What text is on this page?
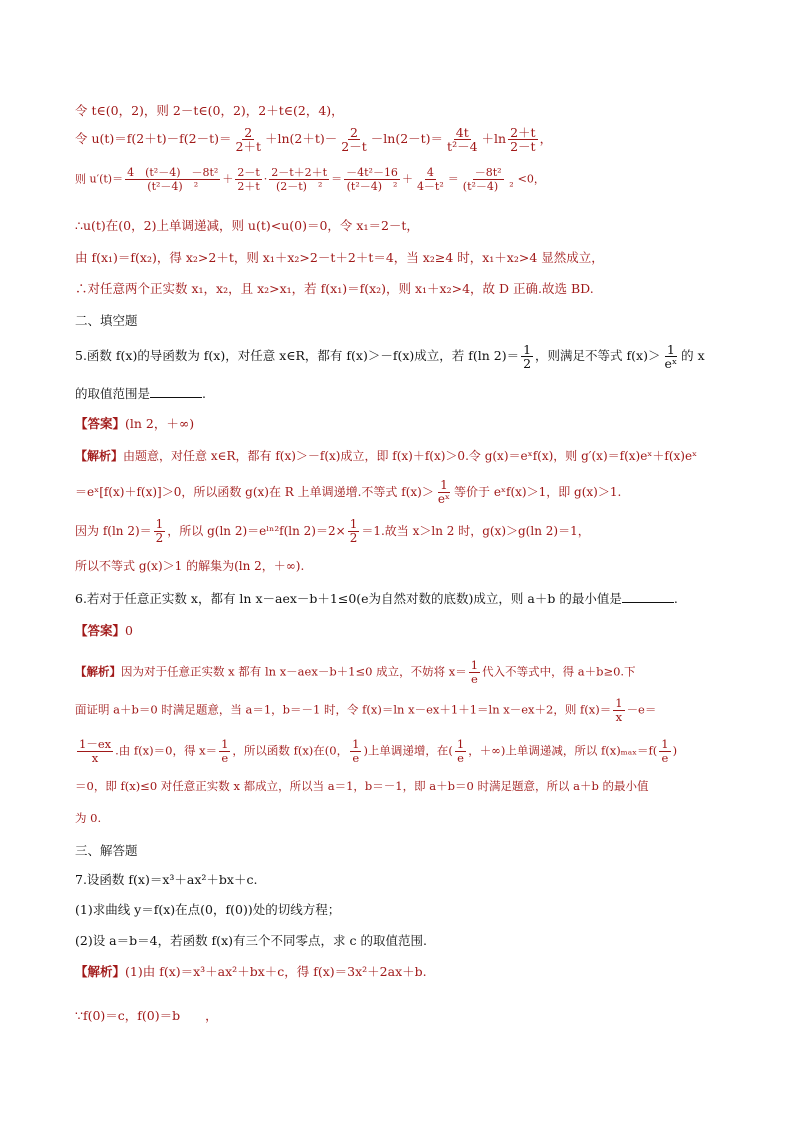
令 t∈(0，2)，则 2－t∈(0，2)，2＋t∈(2，4)，
令 $u(t)=f(2+t)-f(2-t)= \frac{2}{2+t} +\ln(2+t)- \frac{2}{2-t} -\ln(2-t)= \frac{4t}{\text{t²－4}} +\ln \frac{2+t}{2-t}$ ，
则 $u'(t)= \frac{\text{4　(t²－4)　－8t²}}{\text{(t²－4)　²}} + \frac{2-t}{2+t} \cdot \frac{2-t+2+t}{\text{(2－t)　²}} = \frac{\text{－4t²－16}}{\text{(t²－4)　²}} + \frac{4}{\text{4－t²}} = \frac{\text{－8t²}}{\text{(t²－4)　²}} <0$，
∴u(t)在(0，2)上单调递减，则 u(t)<u(0)＝0，令 x₁＝2－t，
由 f(x₁)＝f(x₂)，得 x₂>2＋t，则 x₁＋x₂>2－t＋2＋t＝4，当 x₂≥4 时，x₁＋x₂>4 显然成立，
∴对任意两个正实数 x₁，x₂，且 x₂>x₁，若 f(x₁)＝f(x₂)，则 x₁＋x₂>4，故 D 正确.故选 BD.
二、填空题
5.函数 f(x)的导函数为 f(x)，对任意 x∈R，都有 f(x)＞－f(x)成立，若 f(ln $2)= \frac{1}{2}$ ，则满足不等式 $f(x)> \frac{1}{\text{eˣ}}$ 的 x
的取值范围是	.
【答案】(ln 2，＋∞)
【解析】由题意，对任意 x∈R，都有 f(x)＞－f(x)成立，即 f(x)＋f(x)＞0.令 g(x)＝eˣf(x)，则 g′(x)＝f(x)eˣ＋f(x)eˣ
＝eˣ[f(x)＋f(x)]＞0，所以函数 g(x)在 R 上单调递增.不等式 $f(x)> \frac{1}{\text{eˣ}}$ 等价于 eˣf(x)＞1，即 g(x)＞1.
因为 f(ln $2)= \frac{1}{2}$ ，所以 g(ln 2)＝eˡⁿ²f(ln $2)=2\times \frac{1}{2} =1$.故当 x＞ln 2 时，g(x)＞g(ln 2)＝1，
所以不等式 g(x)＞1 的解集为(ln 2，＋∞).
6.若对于任意正实数 x，都有 ln x－aex－b＋1≤0(e为自然对数的底数)成立，则 a＋b 的最小值是	.
【答案】0
【解析】因为对于任意正实数 x 都有 ln x－aex－b＋1≤0 成立，不妨将 $x= \frac{1}{e}$ 代入不等式中，得 a＋b≥0.下
面证明 a＋b＝0 时满足题意，当 a＝1，b＝－1 时，令 f(x)＝ln x－ex＋1＋1＝ln x－ex＋2，则 $f(x)= \frac{1}{x} -e=$
$\frac{1-ex}{x}$ .由 f(x)＝0，得 $x= \frac{1}{e}$ ，所以函数 f(x)在(0， $\frac{1}{e}$ )上单调递增，在( $\frac{1}{e}$ ，＋∞)上单调递减，所以 $f(x)_{max}=f( \frac{1}{e}$ )
＝0，即 f(x)≤0 对任意正实数 x 都成立，所以当 a＝1，b＝－1，即 a＋b＝0 时满足题意，所以 a＋b 的最小值
为 0.
三、解答题
7.设函数 f(x)＝x³＋ax²＋bx＋c.
(1)求曲线 y＝f(x)在点(0，f(0))处的切线方程；
(2)设 a＝b＝4，若函数 f(x)有三个不同零点，求 c 的取值范围.
【解析】(1)由 f(x)＝x³＋ax²＋bx＋c，得 f(x)＝3x²＋2ax＋b.
∵f(0)＝c，f(0)＝b　　，
